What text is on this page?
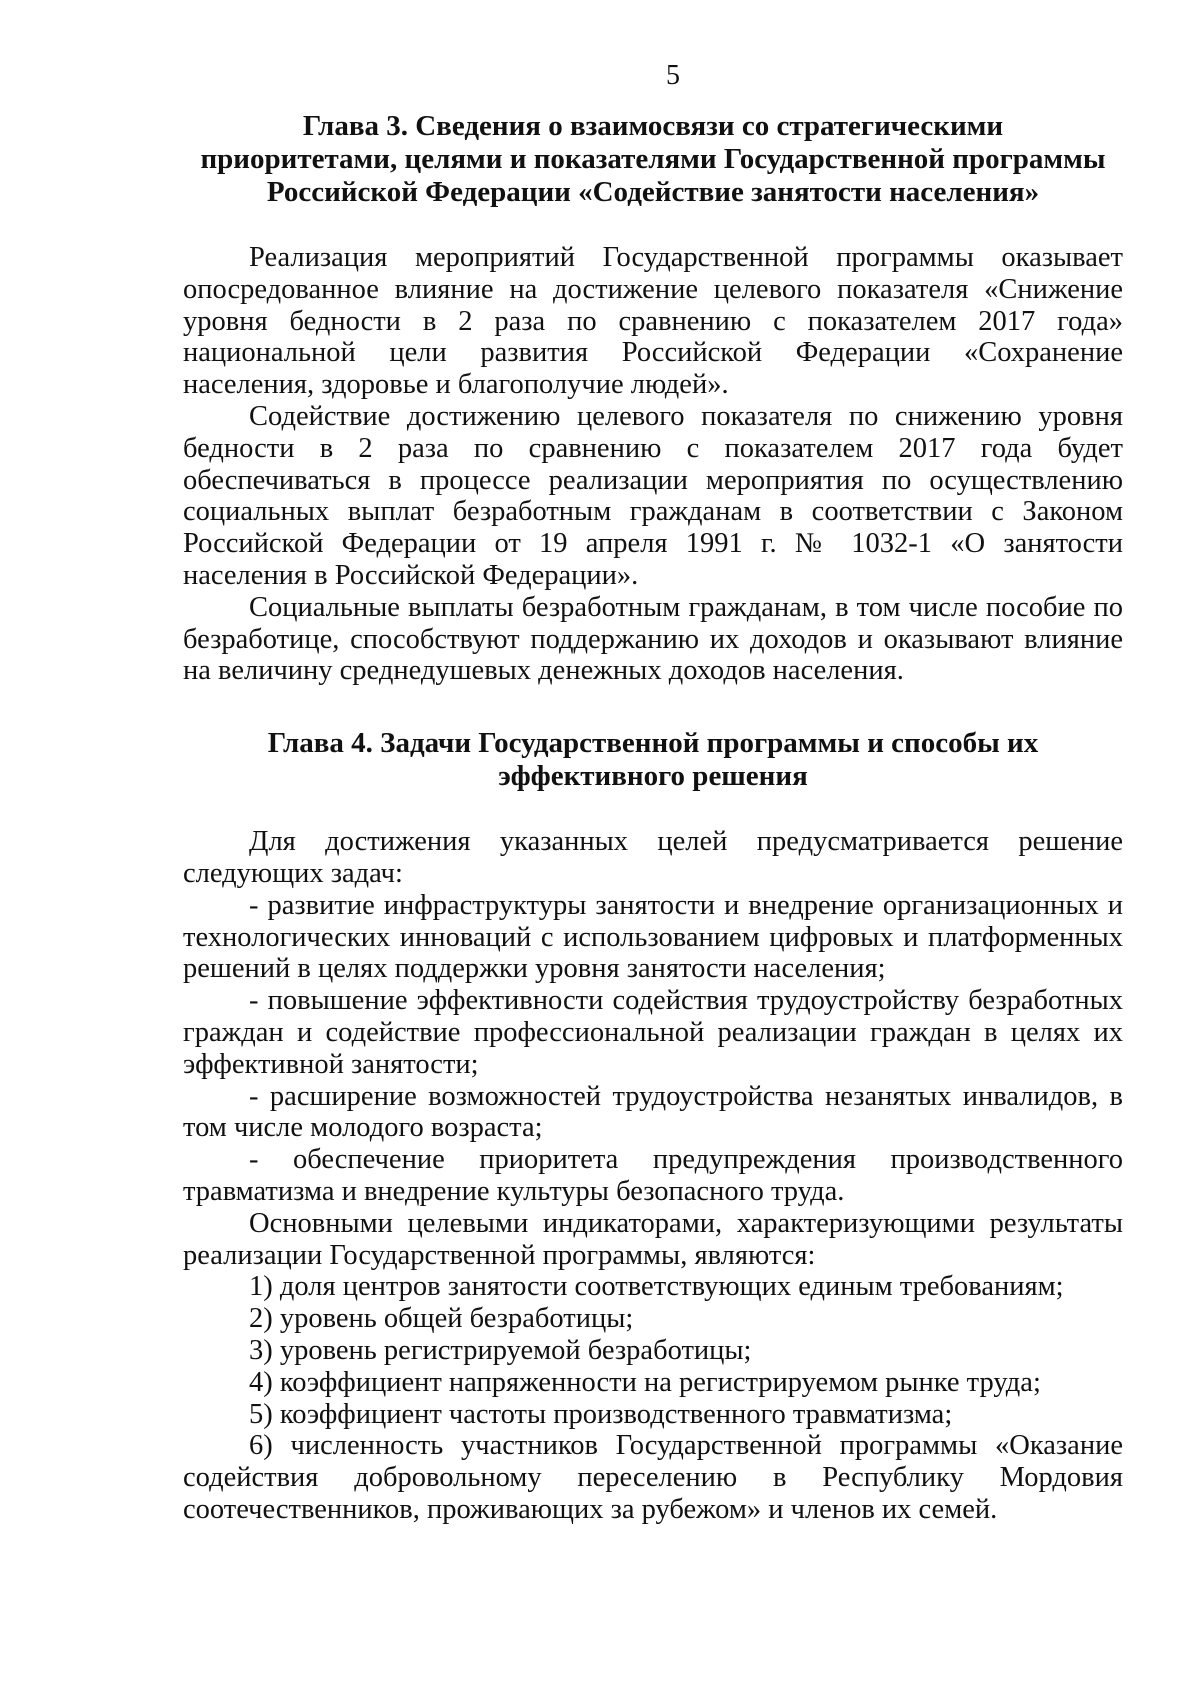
5
Глава 3. Сведения о взаимосвязи со стратегическими
приоритетами, целями и показателями Государственной программы
Российской Федерации «Содействие занятости населения»

Реализация мероприятий Государственной программы оказывает опосредованное влияние на достижение целевого показателя «Снижение уровня бедности в 2 раза по сравнению с показателем 2017 года» национальной цели развития Российской Федерации «Сохранение населения, здоровье и благополучие людей».

Содействие достижению целевого показателя по снижению уровня бедности в 2 раза по сравнению с показателем 2017 года будет обеспечиваться в процессе реализации мероприятия по осуществлению социальных выплат безработным гражданам в соответствии с Законом Российской Федерации от 19 апреля 1991 г. № 1032-1 «О занятости населения в Российской Федерации».

Социальные выплаты безработным гражданам, в том числе пособие по безработице, способствуют поддержанию их доходов и оказывают влияние на величину среднедушевых денежных доходов населения.

Глава 4. Задачи Государственной программы и способы их
эффективного решения

Для достижения указанных целей предусматривается решение следующих задач:

- развитие инфраструктуры занятости и внедрение организационных и технологических инноваций с использованием цифровых и платформенных решений в целях поддержки уровня занятости населения;

- повышение эффективности содействия трудоустройству безработных граждан и содействие профессиональной реализации граждан в целях их эффективной занятости;

- расширение возможностей трудоустройства незанятых инвалидов, в том числе молодого возраста;

- обеспечение приоритета предупреждения производственного травматизма и внедрение культуры безопасного труда.

Основными целевыми индикаторами, характеризующими результаты реализации Государственной программы, являются:

1) доля центров занятости соответствующих единым требованиям;

2) уровень общей безработицы;

3) уровень регистрируемой безработицы;

4) коэффициент напряженности на регистрируемом рынке труда;

5) коэффициент частоты производственного травматизма;

6) численность участников Государственной программы «Оказание содействия добровольному переселению в Республику Мордовия соотечественников, проживающих за рубежом» и членов их семей.
